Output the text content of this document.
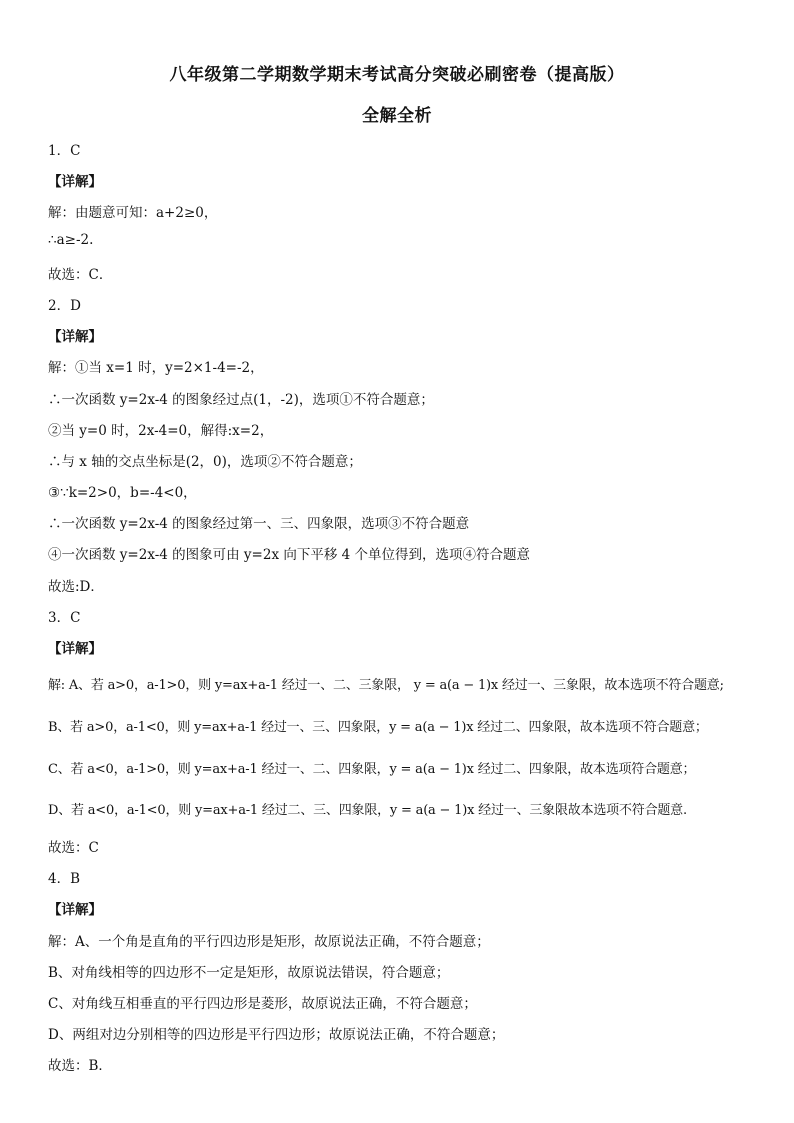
八年级第二学期数学期末考试高分突破必刷密卷（提高版）
全解全析
1．C
【详解】
解：由题意可知：a+2≥0，
∴a≥-2.
故选：C．
2．D
【详解】
解：①当 x=1 时，y=2×1-4=-2，
∴一次函数 y=2x-4 的图象经过点(1，-2)，选项①不符合题意；
②当 y=0 时，2x-4=0，解得:x=2，
∴与 x 轴的交点坐标是(2，0)，选项②不符合题意；
③∵k=2>0，b=-4<0，
∴一次函数 y=2x-4 的图象经过第一、三、四象限，选项③不符合题意
④一次函数 y=2x-4 的图象可由 y=2x 向下平移 4 个单位得到，选项④符合题意
故选:D．
3．C
【详解】
解: A、若 a>0，a-1>0，则 y=ax+a-1 经过一、二、三象限， y = a(a − 1)x 经过一、三象限，故本选项不符合题意;
B、若 a>0，a-1<0，则 y=ax+a-1 经过一、三、四象限，y = a(a − 1)x 经过二、四象限，故本选项不符合题意；
C、若 a<0，a-1>0，则 y=ax+a-1 经过一、二、四象限，y = a(a − 1)x 经过二、四象限，故本选项符合题意；
D、若 a<0，a-1<0，则 y=ax+a-1 经过二、三、四象限，y = a(a − 1)x 经过一、三象限故本选项不符合题意.
故选：C
4．B
【详解】
解：A、一个角是直角的平行四边形是矩形，故原说法正确，不符合题意；
B、对角线相等的四边形不一定是矩形，故原说法错误，符合题意；
C、对角线互相垂直的平行四边形是菱形，故原说法正确，不符合题意；
D、两组对边分别相等的四边形是平行四边形；故原说法正确，不符合题意；
故选：B．
